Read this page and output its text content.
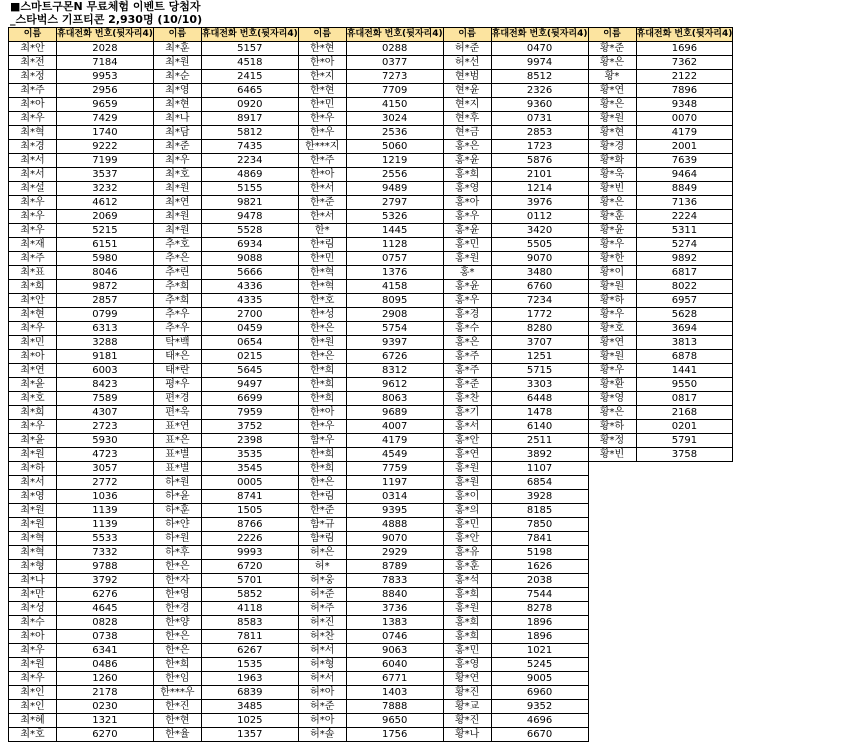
■스마트구몬N 무료체험 이벤트 당첨자
_스타벅스 기프티콘 2,930명 (10/10)
이름	휴대전화 번호(뒷자리4)	이름	휴대전화 번호(뒷자리4)	이름	휴대전화 번호(뒷자리4)	이름	휴대전화 번호(뒷자리4)	이름	휴대전화 번호(뒷자리4)
최*안	2028	최*훈	5157	한*현	0288	허*준	0470	황*준	1696
최*전	7184	최*원	4518	한*아	0377	허*선	9974	황*은	7362
최*정	9953	최*순	2415	한*지	7273	현*범	8512	황*	2122
최*주	2956	최*영	6465	한*현	7709	현*윤	2326	황*연	7896
최*아	9659	최*현	0920	한*민	4150	현*지	9360	황*은	9348
최*우	7429	최*나	8917	한*우	3024	현*후	0731	황*원	0070
최*혁	1740	최*담	5812	한*우	2536	현*금	2853	황*현	4179
최*경	9222	최*준	7435	한***지	5060	홍*은	1723	황*경	2001
최*서	7199	최*우	2234	한*주	1219	홍*윤	5876	황*화	7639
최*서	3537	최*호	4869	한*아	2556	홍*희	2101	황*욱	9464
최*설	3232	최*원	5155	한*서	9489	홍*영	1214	황*빈	8849
최*우	4612	최*연	9821	한*준	2797	홍*아	3976	황*은	7136
최*우	2069	최*원	9478	한*서	5326	홍*우	0112	황*훈	2224
최*우	5215	최*원	5528	한*	1445	홍*윤	3420	황*윤	5311
최*재	6151	추*호	6934	한*림	1128	홍*민	5505	황*우	5274
최*주	5980	추*은	9088	한*민	0757	홍*원	9070	황*한	9892
최*표	8046	추*린	5666	한*혁	1376	홍*	3480	황*이	6817
최*희	9872	추*희	4336	한*혁	4158	홍*윤	6760	황*원	8022
최*안	2857	추*희	4335	한*호	8095	홍*우	7234	황*하	6957
최*현	0799	추*우	2700	한*성	2908	홍*경	1772	황*우	5628
최*우	6313	추*우	0459	한*은	5754	홍*수	8280	황*호	3694
최*민	3288	탁*백	0654	한*원	9397	홍*은	3707	황*연	3813
최*아	9181	태*은	0215	한*은	6726	홍*주	1251	황*원	6878
최*연	6003	태*란	5645	한*희	8312	홍*주	5715	황*우	1441
최*윤	8423	평*우	9497	한*희	9612	홍*준	3303	황*환	9550
최*호	7589	편*경	6699	한*희	8063	홍*찬	6448	황*영	0817
최*희	4307	편*욱	7959	한*아	9689	홍*기	1478	황*은	2168
최*우	2723	표*연	3752	한*우	4007	홍*서	6140	황*하	0201
최*윤	5930	표*은	2398	함*우	4179	홍*안	2511	황*정	5791
최*원	4723	표*별	3535	한*희	4549	홍*연	3892	황*빈	3758
최*하	3057	표*별	3545	한*희	7759	홍*원	1107		
최*서	2772	하*원	0005	한*은	1197	홍*원	6854		
최*영	1036	하*윤	8741	한*림	0314	홍*이	3928		
최*원	1139	하*훈	1505	한*준	9395	홍*의	8185		
최*원	1139	하*얀	8766	함*규	4888	홍*민	7850		
최*혁	5533	하*원	2226	함*림	9070	홍*안	7841		
최*혁	7332	하*후	9993	허*은	2929	홍*유	5198		
최*형	9788	한*은	6720	허*	8789	홍*훈	1626		
최*나	3792	한*자	5701	허*웅	7833	홍*석	2038		
최*만	6276	한*영	5852	허*준	8840	홍*희	7544		
최*성	4645	한*경	4118	허*주	3736	홍*원	8278		
최*수	0828	한*양	8583	허*진	1383	홍*희	1896		
최*아	0738	한*은	7811	허*찬	0746	홍*희	1896		
최*우	6341	한*은	6267	허*서	9063	홍*민	1021		
최*원	0486	한*희	1535	허*형	6040	홍*영	5245		
최*우	1260	한*임	1963	허*서	6771	황*연	9005		
최*인	2178	한***우	6839	허*아	1403	황*진	6960		
최*인	0230	한*진	3485	허*준	7888	황*교	9352		
최*혜	1321	한*현	1025	허*아	9650	황*진	4696		
최*호	6270	한*율	1357	허*솔	1756	황*나	6670		
